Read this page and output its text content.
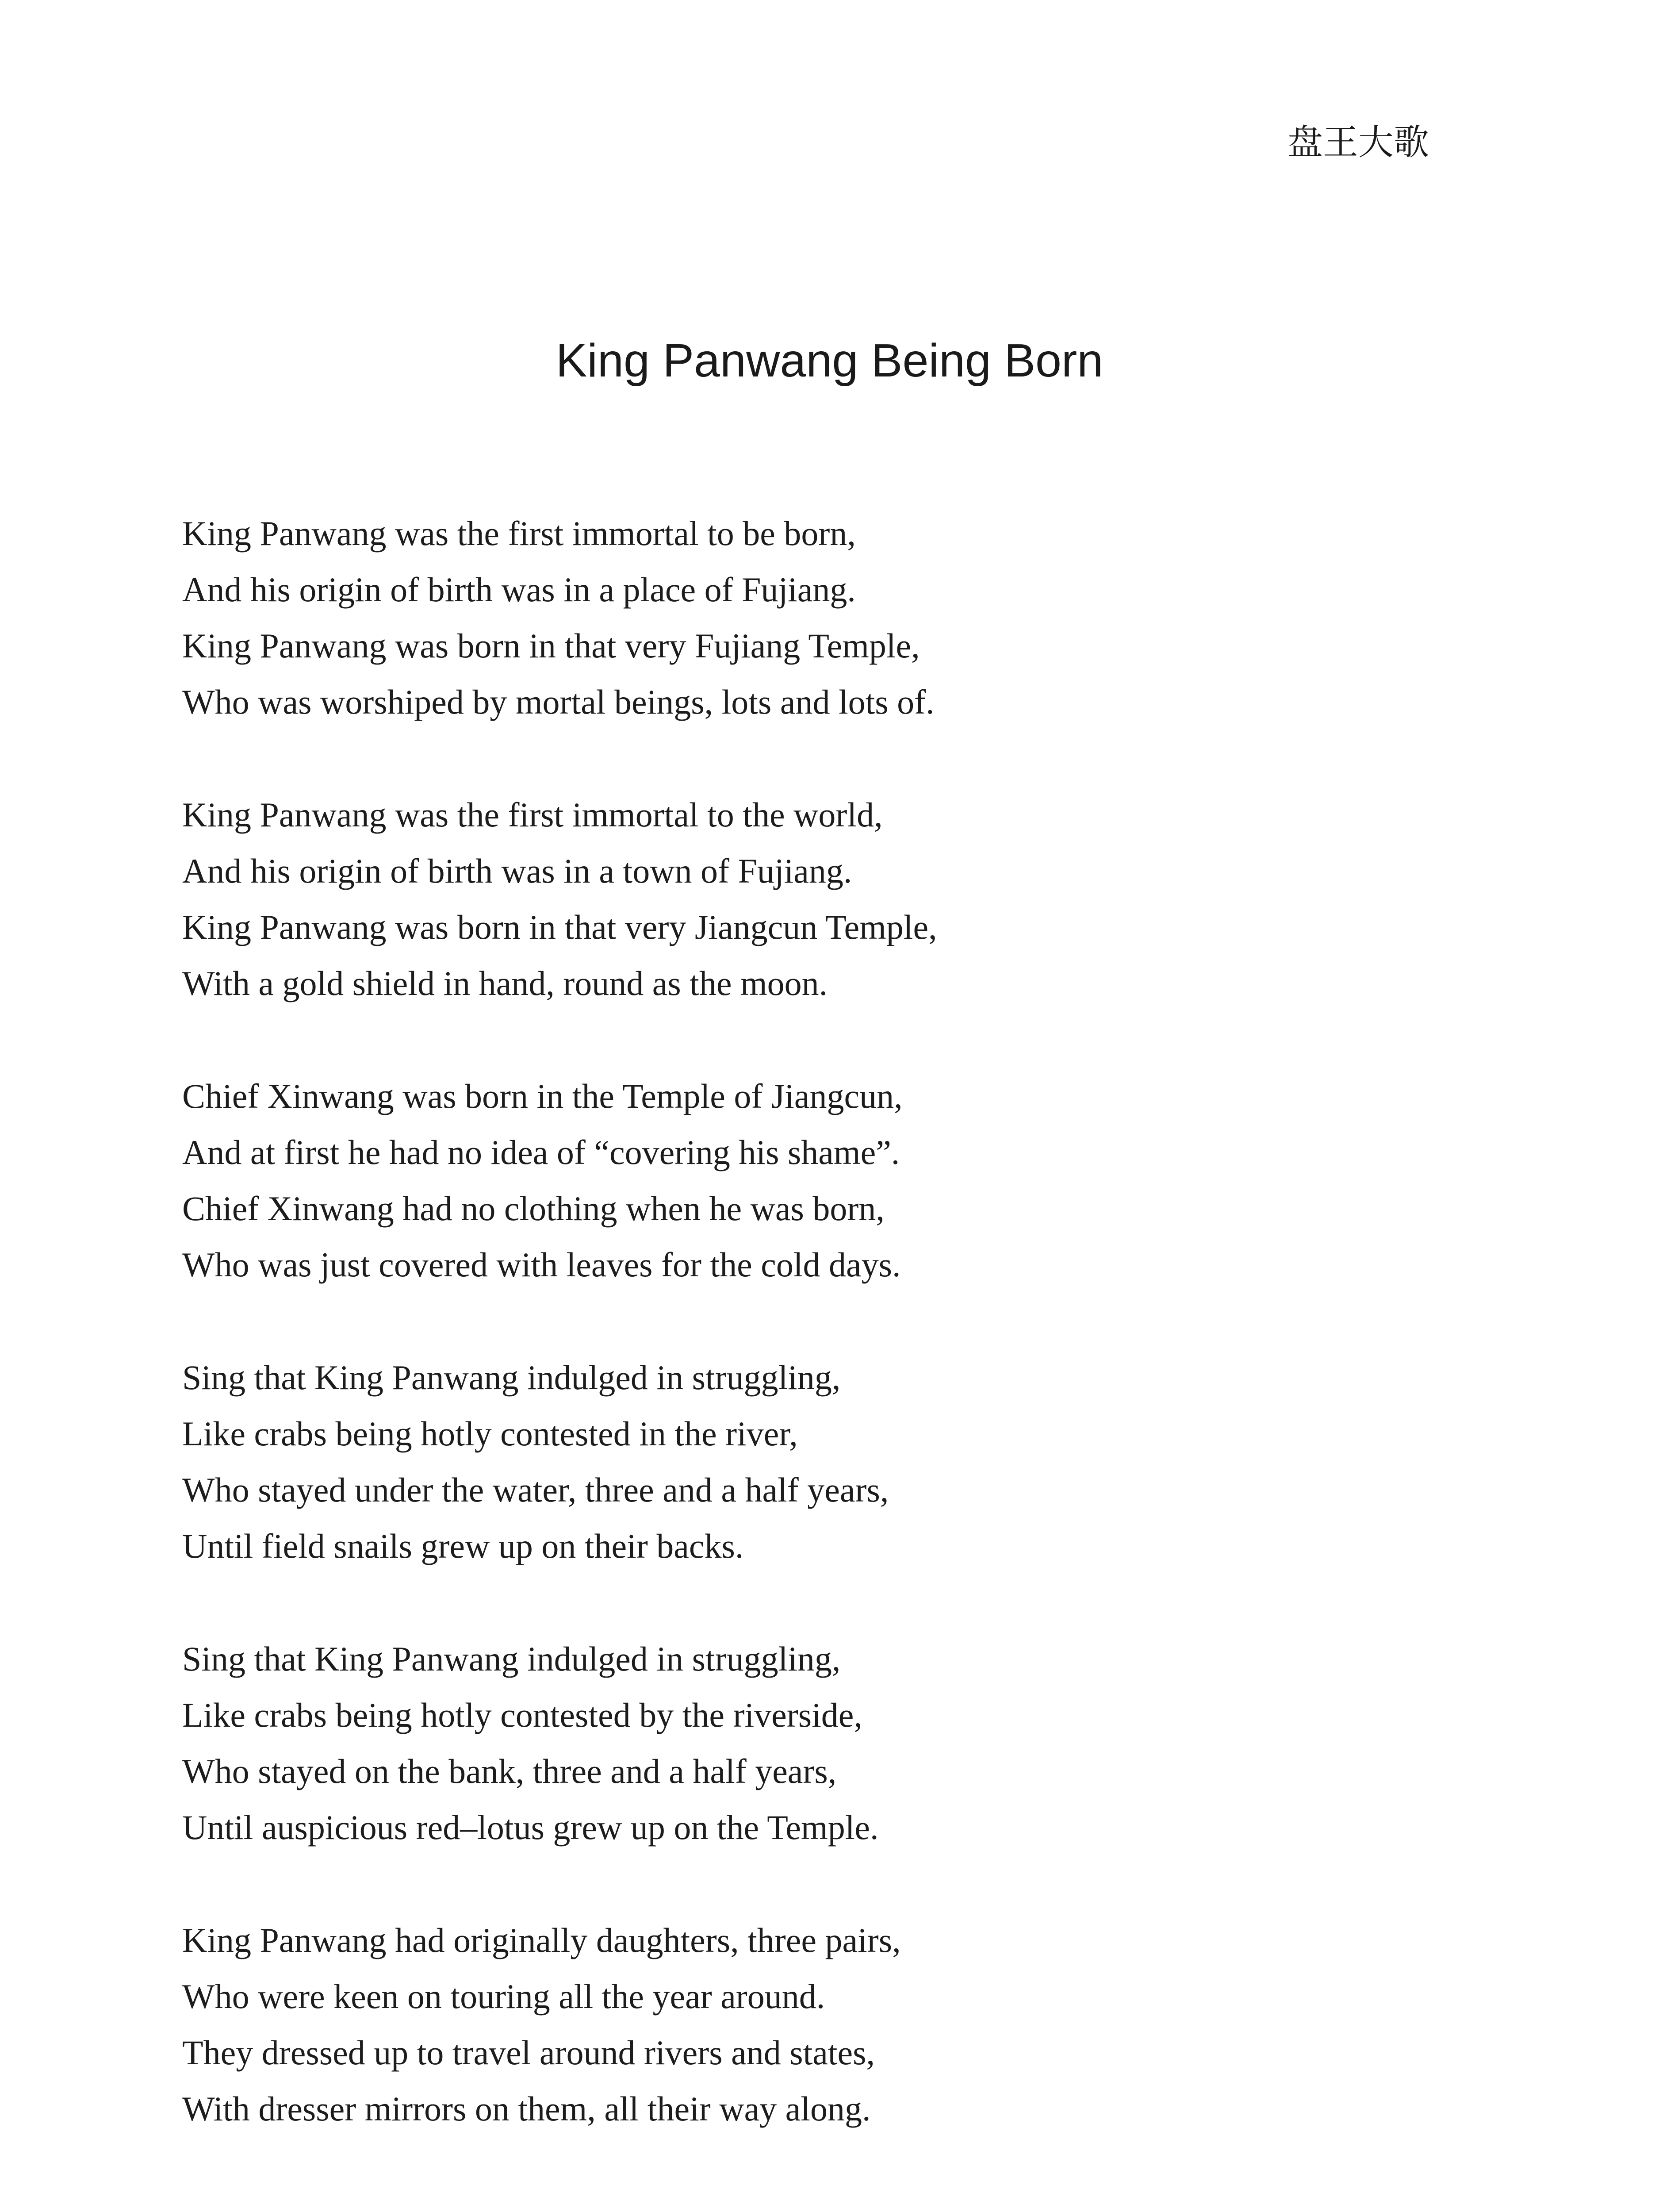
盘王大歌
King Panwang Being Born
King Panwang was the first immortal to be born,
And his origin of birth was in a place of Fujiang.
King Panwang was born in that very Fujiang Temple,
Who was worshiped by mortal beings, lots and lots of.
King Panwang was the first immortal to the world,
And his origin of birth was in a town of Fujiang.
King Panwang was born in that very Jiangcun Temple,
With a gold shield in hand, round as the moon.
Chief Xinwang was born in the Temple of Jiangcun,
And at first he had no idea of “covering his shame”.
Chief Xinwang had no clothing when he was born,
Who was just covered with leaves for the cold days.
Sing that King Panwang indulged in struggling,
Like crabs being hotly contested in the river,
Who stayed under the water, three and a half years,
Until field snails grew up on their backs.
Sing that King Panwang indulged in struggling,
Like crabs being hotly contested by the riverside,
Who stayed on the bank, three and a half years,
Until auspicious red–lotus grew up on the Temple.
King Panwang had originally daughters, three pairs,
Who were keen on touring all the year around.
They dressed up to travel around rivers and states,
With dresser mirrors on them, all their way along.
